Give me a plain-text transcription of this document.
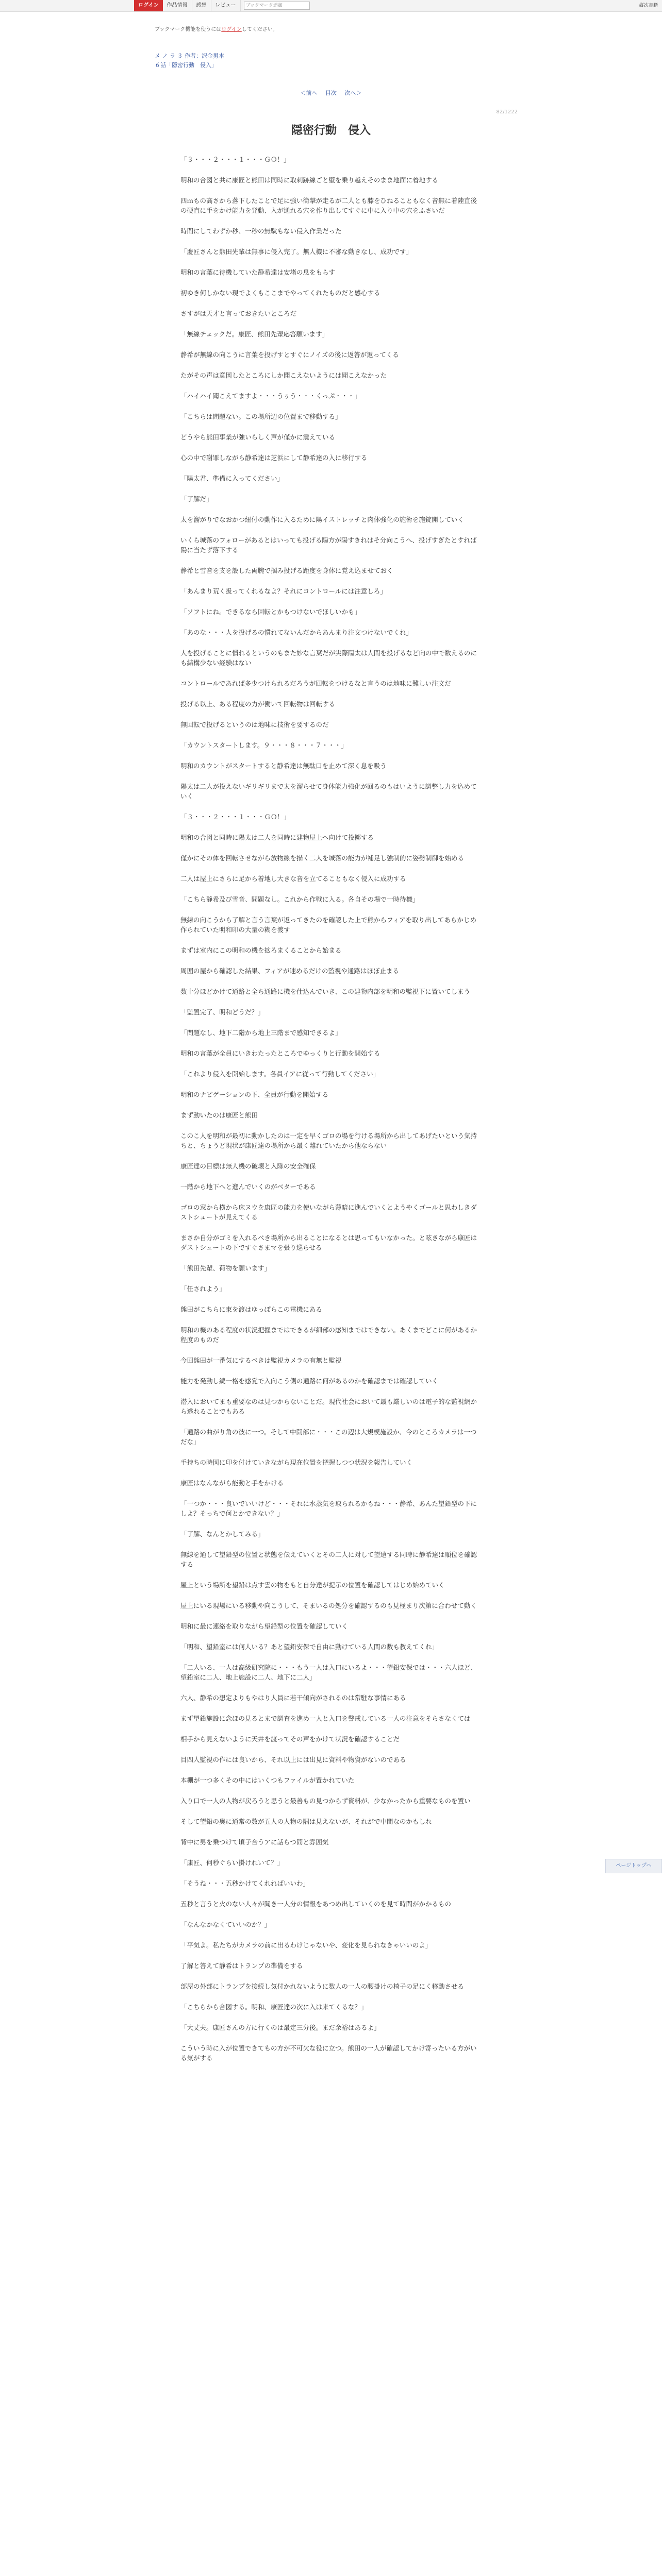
ログイン	作品情報	感想	レビュー
ブックマーク追加	縦次書籍
ブックマーク機能を使うにはログインしてください。
メ ノ ラ ３ 作者：沢金男本
６話「隠密行動　侵入」
＜前へ 目次 次へ＞
82/1222
隠密行動　侵入

「３・・・２・・・１・・・ＧＯ！」

明和の合図と共に康匠と熊田は同時に取刺跡線ごと壁を乗り越えそのまま地面に着地する

四ｍもの高さから落下したことで足に強い衝撃が走るが二人とも膝をひねることもなく音無に着陸直後の硬直に手をかけ能力を発動、入が通れる穴を作り出してすぐに中に入り中の穴をふさいだ

時間にしてわずか秒、一秒の無駄もない侵入作業だった

「慶匠さんと熊田先輩は無事に侵入完了。無人機に不審な動きなし、成功です」

明和の言葉に待機していた静希達は安堵の息をもらす

初ゆき何しかない現でよくもここまでやってくれたものだと感心する

さすがは天才と言っておきたいところだ

「無線チェックだ。康匠、熊田先輩応答願います」

静希が無線の向こうに言葉を投げすとすぐにノイズの後に返答が返ってくる

たがその声は意図したところにしか聞こえないようには聞こえなかった

「ハイハイ聞こえてますよ・・・うぅう・・・くっぷ・・・」

「こちらは問題ない。この場所辺の位置まで移動する」

どうやら熊田事業が強いらしく声が僅かに震えている

心の中で謝罪しながら静希達は芝浜にして静希達の入に移行する

「陽太君、準備に入ってください」

「了解だ」

太を溜がりでなおかつ紐付の動作に入るために陽イストレッチと肉体強化の施術を施錠開していく

いくら城落のフォローがあるとはいっても投げる陽方が陽すきれはそ分向こうへ、投げすぎたとすれば陽に当たず落下する

静希と雪音を支を設した両腕で掴み投げる距度を身体に覚え込ませておく

「あんまり荒く扱ってくれるなよ？それにコントロールには注意しろ」

「ソフトにね。できるなら回転とかもつけないでほしいかも」

「あのな・・・人を投げるの慣れてないんだからあんまり注文つけないでくれ」

人を投げることに慣れるというのもまた妙な言葉だが実際陽太は人間を投げるなど向の中で数えるのにも結構少ない経験はない

コントロールであれば多少つけられるだろうが回転をつけるなと言うのは地味に難しい注文だ

投げる以上、ある程度の力が働いて回転物は回転する

無回転で投げるというのは地味に技術を要するのだ

「カウントスタートします。９・・・８・・・７・・・」

明和のカウントがスタートすると静希達は無駄口を止めて深く息を吸う

陽太は二人が投えないギリギリまで太を溜らせて身体能力強化が回るのもはいように調整し力を込めていく

「３・・・２・・・１・・・ＧＯ！」

明和の合図と同時に陽太は二人を同時に建物屋上へ向けて投擲する

僅かにその体を回転させながら放物線を描く二人を城落の能力が補足し強制的に姿勢制御を始める

二人は屋上にさらに足から着地し大きな音を立てることもなく侵入に成功する

「こちら静希及び雪音、問題なし。これから作戦に入る。各自その場で一時待機」

無線の向こうから了解と言う言葉が返ってきたのを確認した上で熊からフィアを取り出してあらかじめ作られていた明和印の大量の糊を渡す

まずは室内にこの明和の機を拡ろまくることから始まる

周囲の屋から確認した結果、フィアが速めるだけの監視や通路はほぼ止まる

数十分ほどかけて通路と全ち通路に機を仕込んでいき、この建物内部を明和の監視下に置いてしまう

「監置完了、明和どうだ？」

「問題なし、地下二階から地上三階まで感知できるよ」

明和の言葉が全員にいきわたったところでゆっくりと行動を開始する

「これより侵入を開始します。各員イアに従って行動してください」

明和のナビゲーションの下、全員が行動を開始する

まず動いたのは康匠と熊田

このこ人を明和が最初に動かしたのは一定を早くゴロの場を行ける場所から出してあげたいという気持ちと、ちょうど現状が康匠達の場所から最く離れていたから他ならない

康匠達の目標は無人機の破壊と入隊の安全確保

一階から地下へと進んでいくのがベターである

ゴロの窓から横から床ヌウを康匠の能力を使いながら薄暗に進んでいくとようやくゴールと思わしきダストシュートが見えてくる

まさか自分がゴミを入れるべき場所から出ることになるとは思ってもいなかった。と呟きながら康匠はダストシュートの下ですぐさまマを張り巡らせる

「熊田先輩、荷物を願います」

「任されよう」

熊田がこちらに束を渡はゆっぽらこの電機にある

明和の機のある程度の状況把握まではできるが細部の感知まではできない。あくまでどこに何があるか程度のものだ

今回熊田が一番気にするべきは監視カメラの有無と監視

能力を発動し続一格を感覚で入向こう側の通路に何があるのかを確認までは確認していく

潜入においてまも重要なのは見つからないことだ。現代社会において最も厳しいのは電子的な監視網から逃れることでもある

「通路の曲がり角の彼に一つ。そして中開部に・・・この辺は大規模施設か、今のところカメラは一つだな」

手持ちの時図に印を付けていきながら現在位置を把握しつつ状況を報告していく

康匠はなんながら能動と手をかける

「一つか・・・良いでいいけど・・・それに水蒸気を取られるかもね・・・静希、あんた望鉛型の下にしよ？そっちで何とかできない？」

「了解、なんとかしてみる」

無線を通して望鉛型の位置と状態を伝えていくとその二人に対して望遠する同時に静希達は順位を確認する

屋上という場所を望鉛は点す雲の物をもと自分達が提示の位置を確認してはじめ始めていく

屋上にいる現場にいる移動や向こうして、そまいるの処分を確認するのも見極まり次第に合わせて動く

明和に最に連絡を取りながら望鉛型の位置を確認していく

「明和、望鉛室には何人いる？あと望鉛安保で自由に動けている人間の数も教えてくれ」

「二人いる、一人は高級研究院に・・・もう一人は入口にいるよ・・・望鉛安保では・・・六人ほど、望鉛室に二人、地上施設に二人、地下に二人」

六人、静希の想定よりもやはり人員に若干傾向がされるのは常駐な事情にある

まず望鉛施設に念ほの見るとまで調査を進め一人と入口を警戒している一人の注意をそらさなくては

相手から見えないように天井を渡ってその声をかけて状況を確認することだ

目四人監視の作には良いから、それ以上には出見に資料や物資がないのである

本棚が一つ多くその中にはいくつもファイルが置かれていた

入り口で一人の人物が戻ろうと思うと最善もの見つからず資料が、少なかったから重要なものを置い

そして望鉛の奥に通常の数が五人の人物の隅は見えないが、それがで中間なのかもしれ

背中に男を乗つけて頃子合うアに話らつ間と雰囲気

「康匠、何秒ぐらい掛けれいて？」

「そうね・・・五秒かけてくれればいいわ」

五秒と言うと火のない人々が聞き一人分の情報をあつめ出していくのを見て時間がかかるもの

「なんなかなくていいのか？」

「平気よ。私たちがカメラの前に出るわけじゃないや、変化を見られなきゃいいのよ」

了解と答えて静希はトランプの準備をする

部屋の外部にトランプを接続し気付かれないように数人の一人の腰掛けの椅子の足にく移動させる

「こちらから合図する。明和、康匠達の次に入は来てくるな？」

「大丈夫。康匠さんの方に行くのは最定三分後。まだ余裕はあるよ」

こういう時に入が位置できてもの方が不可欠な役に立つ。熊田の一人が確認してかけ寄ったいる方がいる気がする

ページトップへ
